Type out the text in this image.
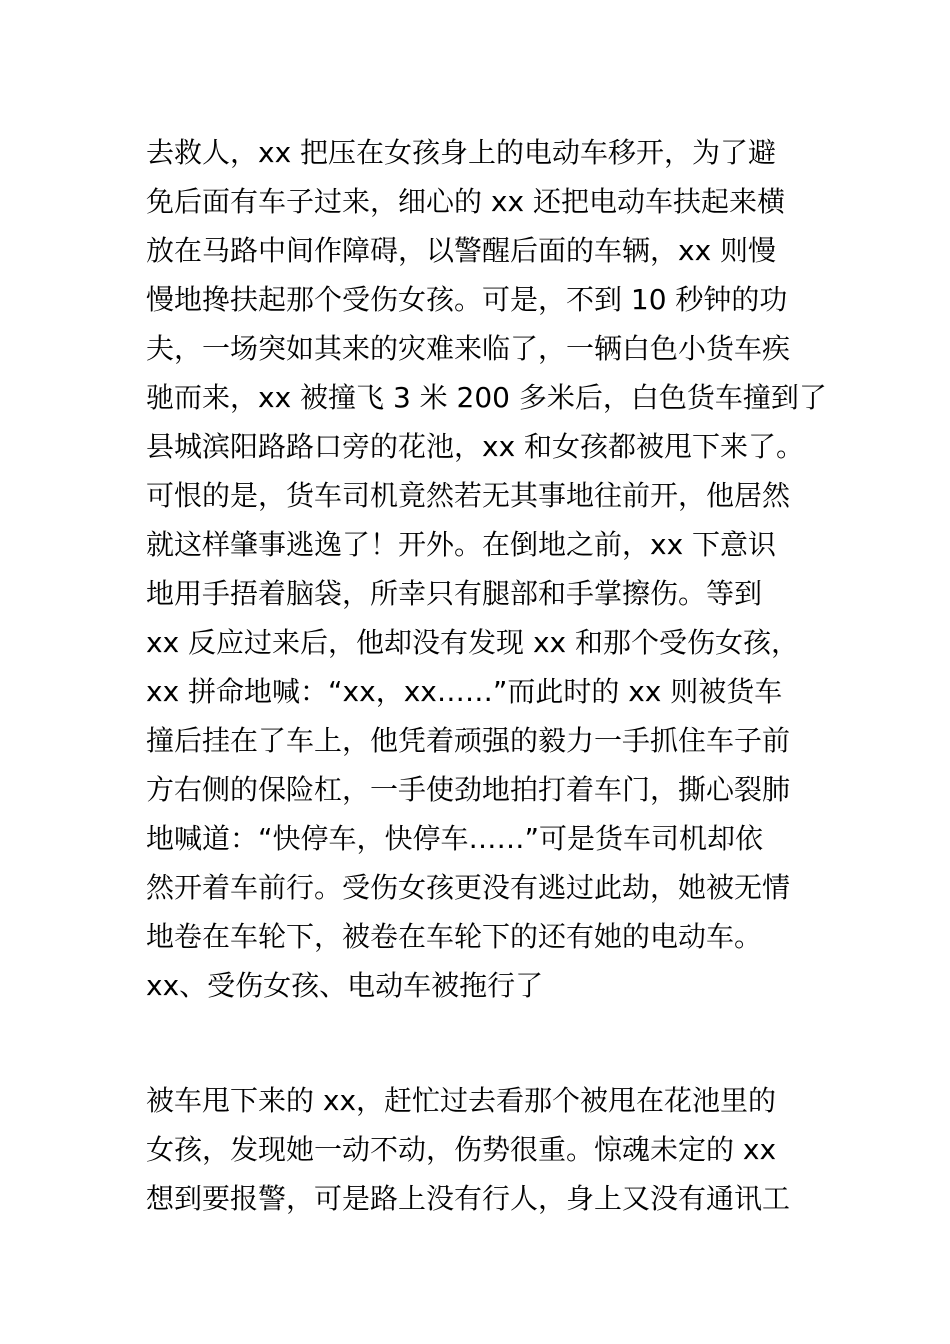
去救人，xx 把压在女孩身上的电动车移开，为了避
免后面有车子过来，细心的 xx 还把电动车扶起来横
放在马路中间作障碍，以警醒后面的车辆，xx 则慢
慢地搀扶起那个受伤女孩。可是，不到 10 秒钟的功
夫，一场突如其来的灾难来临了，一辆白色小货车疾
驰而来，xx 被撞飞 3 米 200 多米后，白色货车撞到了
县城滨阳路路口旁的花池，xx 和女孩都被甩下来了。
可恨的是，货车司机竟然若无其事地往前开，他居然
就这样肇事逃逸了！开外。在倒地之前，xx 下意识
地用手捂着脑袋，所幸只有腿部和手掌擦伤。等到
xx 反应过来后，他却没有发现 xx 和那个受伤女孩，
xx 拼命地喊：“xx，xx……”而此时的 xx 则被货车
撞后挂在了车上，他凭着顽强的毅力一手抓住车子前
方右侧的保险杠，一手使劲地拍打着车门，撕心裂肺
地喊道：“快停车，快停车……”可是货车司机却依
然开着车前行。受伤女孩更没有逃过此劫，她被无情
地卷在车轮下，被卷在车轮下的还有她的电动车。
xx、受伤女孩、电动车被拖行了
被车甩下来的 xx，赶忙过去看那个被甩在花池里的
女孩，发现她一动不动，伤势很重。惊魂未定的 xx
想到要报警，可是路上没有行人，身上又没有通讯工
